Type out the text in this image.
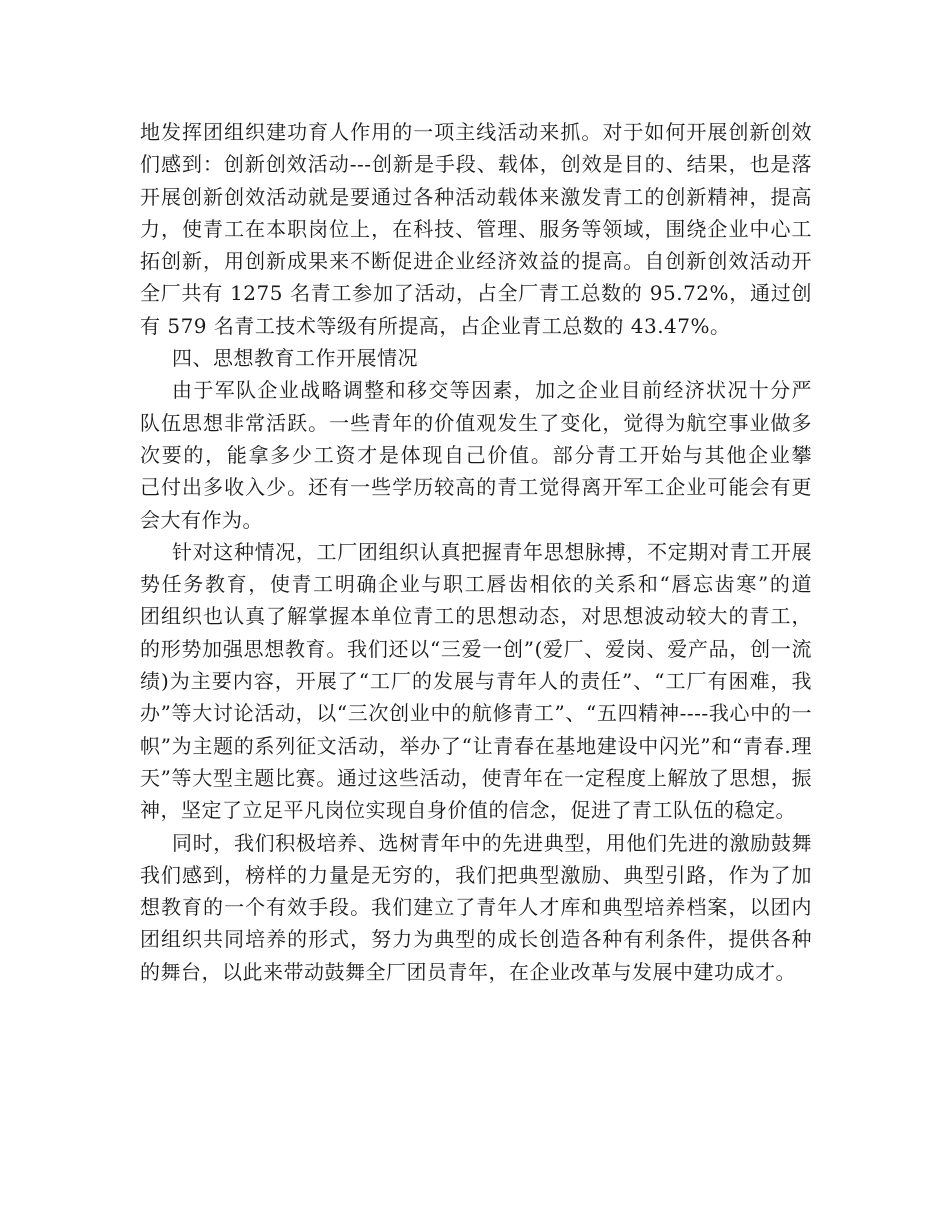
地发挥团组织建功育人作用的一项主线活动来抓。对于如何开展创新创效
们感到：创新创效活动---创新是手段、载体，创效是目的、结果，也是落
开展创新创效活动就是要通过各种活动载体来激发青工的创新精神，提高
力，使青工在本职岗位上，在科技、管理、服务等领域，围绕企业中心工
拓创新，用创新成果来不断促进企业经济效益的提高。自创新创效活动开
全厂共有 1275 名青工参加了活动，占全厂青工总数的 95.72%，通过创
有 579 名青工技术等级有所提高，占企业青工总数的 43.47%。
四、思想教育工作开展情况
由于军队企业战略调整和移交等因素，加之企业目前经济状况十分严
队伍思想非常活跃。一些青年的价值观发生了变化，觉得为航空事业做多
次要的，能拿多少工资才是体现自己价值。部分青工开始与其他企业攀
己付出多收入少。还有一些学历较高的青工觉得离开军工企业可能会有更
会大有作为。
针对这种情况，工厂团组织认真把握青年思想脉搏，不定期对青工开展
势任务教育，使青工明确企业与职工唇齿相依的关系和“唇忘齿寒”的道
团组织也认真了解掌握本单位青工的思想动态，对思想波动较大的青工，
的形势加强思想教育。我们还以“三爱一创”(爱厂、爱岗、爱产品，创一流
绩)为主要内容，开展了“工厂的发展与青年人的责任”、“工厂有困难，我
办”等大讨论活动，以“三次创业中的航修青工”、“五四精神----我心中的一
帜”为主题的系列征文活动，举办了“让青春在基地建设中闪光”和“青春.理
天”等大型主题比赛。通过这些活动，使青年在一定程度上解放了思想，振
神，坚定了立足平凡岗位实现自身价值的信念，促进了青工队伍的稳定。
同时，我们积极培养、选树青年中的先进典型，用他们先进的激励鼓舞
我们感到，榜样的力量是无穷的，我们把典型激励、典型引路，作为了加
想教育的一个有效手段。我们建立了青年人才库和典型培养档案，以团内
团组织共同培养的形式，努力为典型的成长创造各种有利条件，提供各种
的舞台，以此来带动鼓舞全厂团员青年，在企业改革与发展中建功成才。
